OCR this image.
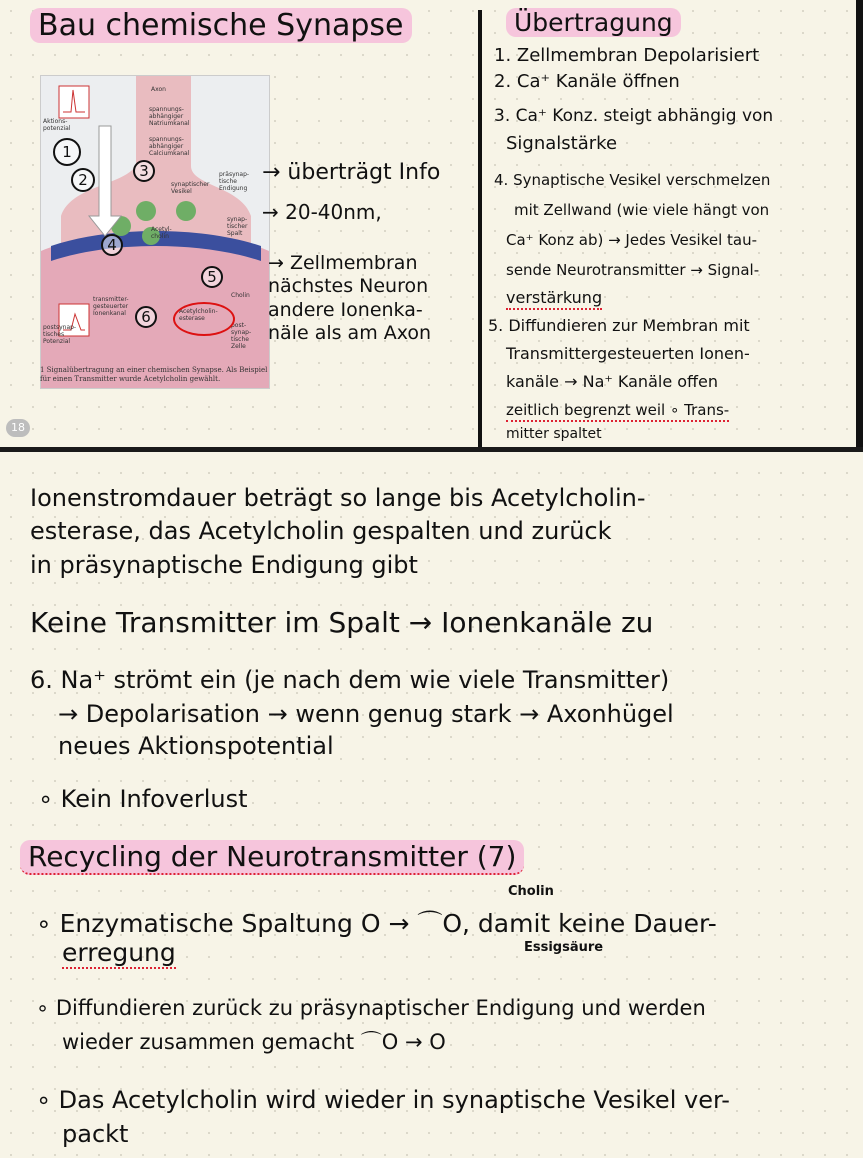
Bau chemische Synapse
Axon
Aktions-potenzial
spannungs-abhängiger Natriumkanal
spannungs-abhängiger Calciumkanal
synaptischer Vesikel
Acetyl-cholin
präsynap-tische Endigung
synap-tischer Spalt
Cholin
transmitter-gesteuerter Ionenkanal	Acetylcholin-esterase
postsynap-tisches Potenzial
post-synap-tische Zelle
1
2	3
4
5
6
1 Signalübertragung an einer chemischen Synapse. Als Beispiel für einen Transmitter wurde Acetylcholin gewählt.
→ überträgt Info
→ 20-40nm,
→ Zellmembran
nächstes Neuron
andere Ionenka-
näle als am Axon
Übertragung
1. Zellmembran Depolarisiert
2. Ca⁺ Kanäle öffnen
3. Ca⁺ Konz. steigt abhängig von
Signalstärke
4. Synaptische Vesikel verschmelzen
mit Zellwand (wie viele hängt von
Ca⁺ Konz ab) → Jedes Vesikel tau-
sende Neurotransmitter → Signal-
verstärkung
5. Diffundieren zur Membran mit
Transmittergesteuerten Ionen-
kanäle → Na⁺ Kanäle offen
zeitlich begrenzt weil ∘ Trans-
mitter spaltet
18
Ionenstromdauer beträgt so lange bis Acetylcholin-
esterase, das Acetylcholin gespalten und zurück
in präsynaptische Endigung gibt
Keine Transmitter im Spalt → Ionenkanäle zu
6. Na⁺ strömt ein (je nach dem wie viele Transmitter)
→ Depolarisation → wenn genug stark → Axonhügel
neues Aktionspotential
∘ Kein Infoverlust
Recycling der Neurotransmitter (7)
Cholin
∘ Enzymatische Spaltung O → ⌒O, damit keine Dauer-
Essigsäure
erregung
∘ Diffundieren zurück zu präsynaptischer Endigung und werden
wieder zusammen gemacht ⌒O → O
∘ Das Acetylcholin wird wieder in synaptische Vesikel ver-
packt
